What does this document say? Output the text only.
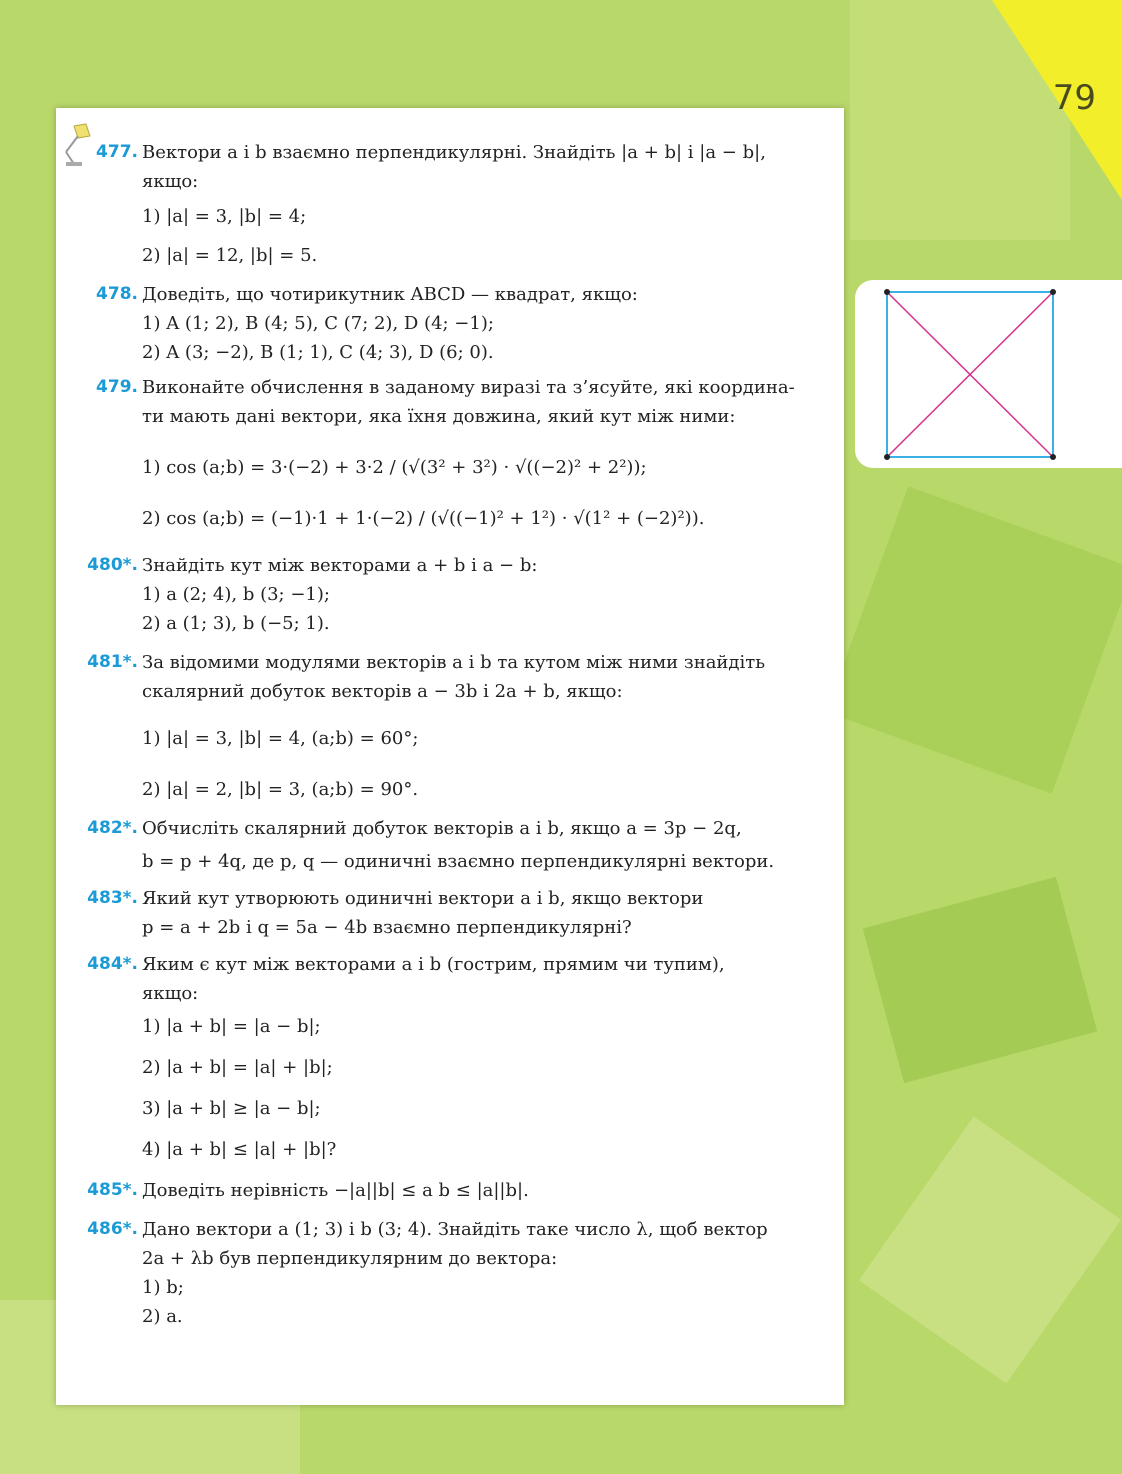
79
477. Вектори a і b взаємно перпендикулярні. Знайдіть |a + b| і |a − b|,
якщо:
1) |a| = 3, |b| = 4;
2) |a| = 12, |b| = 5.
478. Доведіть, що чотирикутник ABCD — квадрат, якщо:
1) A (1; 2), B (4; 5), C (7; 2), D (4; −1);
2) A (3; −2), B (1; 1), C (4; 3), D (6; 0).
479. Виконайте обчислення в заданому виразі та з’ясуйте, які координа-
ти мають дані вектори, яка їхня довжина, який кут між ними:
1) cos (a;b) = 3·(−2) + 3·2 / (√(3² + 3²) · √((−2)² + 2²));
2) cos (a;b) = (−1)·1 + 1·(−2) / (√((−1)² + 1²) · √(1² + (−2)²)).
480*. Знайдіть кут між векторами a + b і a − b:
1) a (2; 4), b (3; −1);
2) a (1; 3), b (−5; 1).
481*. За відомими модулями векторів a і b та кутом між ними знайдіть
скалярний добуток векторів a − 3b і 2a + b, якщо:
1) |a| = 3, |b| = 4, (a;b) = 60°;
2) |a| = 2, |b| = 3, (a;b) = 90°.
482*. Обчисліть скалярний добуток векторів a і b, якщо a = 3p − 2q,
b = p + 4q, де p, q — одиничні взаємно перпендикулярні вектори.
483*. Який кут утворюють одиничні вектори a і b, якщо вектори
p = a + 2b і q = 5a − 4b взаємно перпендикулярні?
484*. Яким є кут між векторами a і b (гострим, прямим чи тупим),
якщо:
1) |a + b| = |a − b|;
2) |a + b| = |a| + |b|;
3) |a + b| ≥ |a − b|;
4) |a + b| ≤ |a| + |b|?
485*. Доведіть нерівність −|a||b| ≤ a b ≤ |a||b|.
486*. Дано вектори a (1; 3) і b (3; 4). Знайдіть таке число λ, щоб вектор
2a + λb був перпендикулярним до вектора:
1) b;
2) a.
